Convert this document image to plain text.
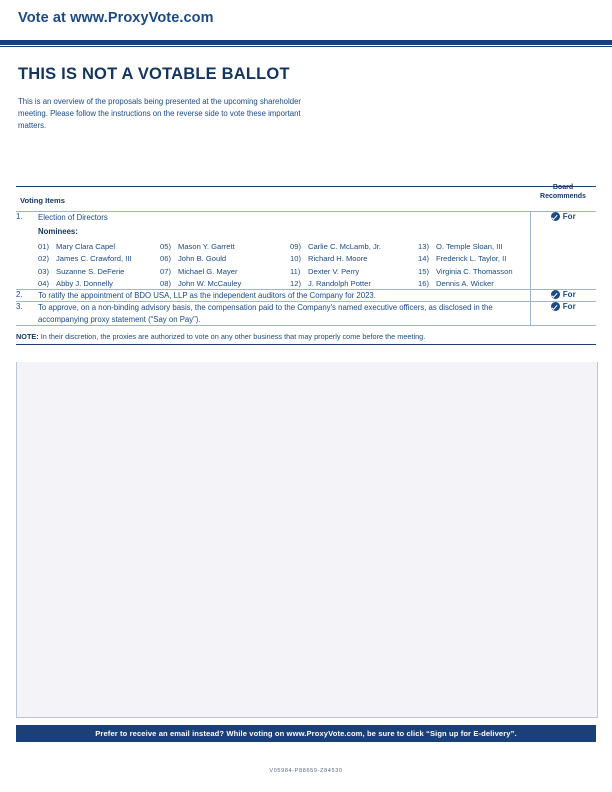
Vote at www.ProxyVote.com
THIS IS NOT A VOTABLE BALLOT
This is an overview of the proposals being presented at the upcoming shareholder meeting. Please follow the instructions on the reverse side to vote these important matters.
Board
Recommends

Voting Items		
1.	Election of Directors
Nominees:
01) Mary Clara Capel	05) Mason Y. Garrett	09) Carlie C. McLamb, Jr.	13) O. Temple Sloan, III
02) James C. Crawford, III	06) John B. Gould	10) Richard H. Moore	14) Frederick L. Taylor, II
03) Suzanne S. DeFerie	07) Michael G. Mayer	11) Dexter V. Perry	15) Virginia C. Thomasson
04) Abby J. Donnelly	08) John W. McCauley	12) J. Randolph Potter	16) Dennis A. Wicker

For

2.	To ratify the appointment of BDO USA, LLP as the independent auditors of the Company for 2023.	For

3.	To approve, on a non-binding advisory basis, the compensation paid to the Company's named executive officers, as disclosed in the accompanying proxy statement (“Say on Pay”).	For

NOTE: In their discretion, the proxies are authorized to vote on any other business that may properly come before the meeting.		
Prefer to receive an email instead? While voting on www.ProxyVote.com, be sure to click “Sign up for E-delivery”.
V05984-P88659-Z84530
